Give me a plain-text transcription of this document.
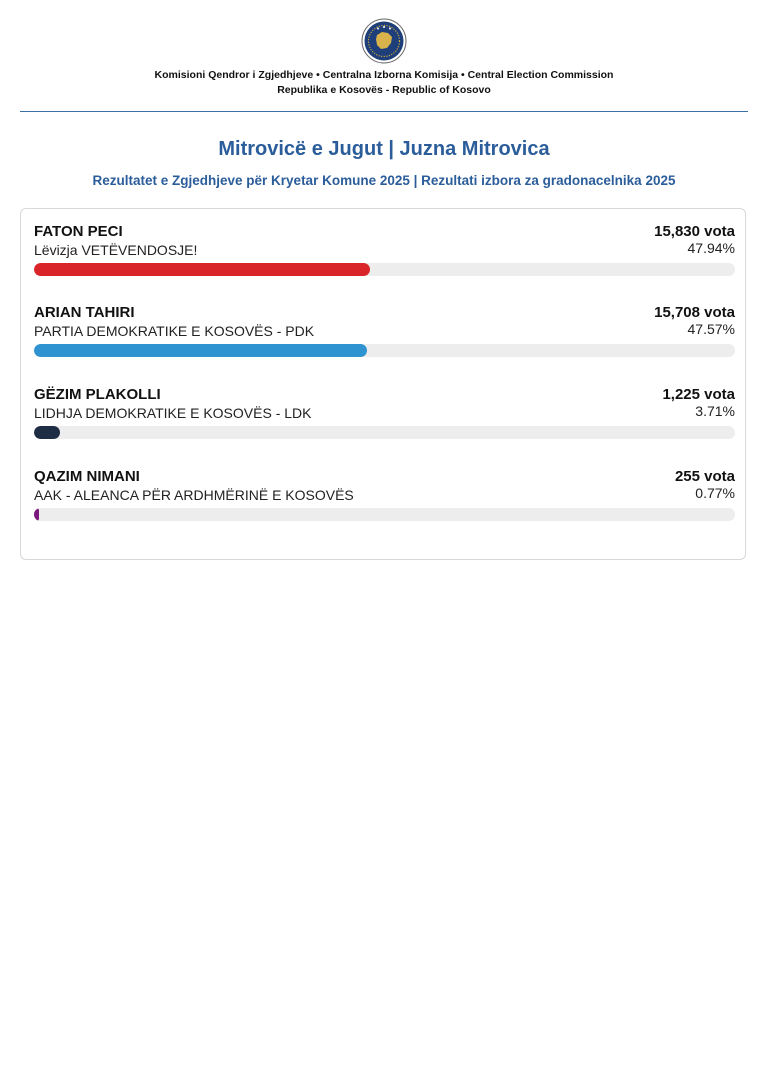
Komisioni Qendror i Zgjedhjeve • Centralna Izborna Komisija • Central Election Commission
Republika e Kosovës - Republic of Kosovo
Mitrovicë e Jugut | Juzna Mitrovica
Rezultatet e Zgjedhjeve për Kryetar Komune 2025 | Rezultati izbora za gradonacelnika 2025
FATON PECI
Lëvizja VETËVENDOSJE!
15,830 vota
47.94%
ARIAN TAHIRI
PARTIA DEMOKRATIKE E KOSOVËS - PDK
15,708 vota
47.57%
GËZIM PLAKOLLI
LIDHJA DEMOKRATIKE E KOSOVËS - LDK
1,225 vota
3.71%
QAZIM NIMANI
AAK - ALEANCA PËR ARDHMËRINË E KOSOVËS
255 vota
0.77%
